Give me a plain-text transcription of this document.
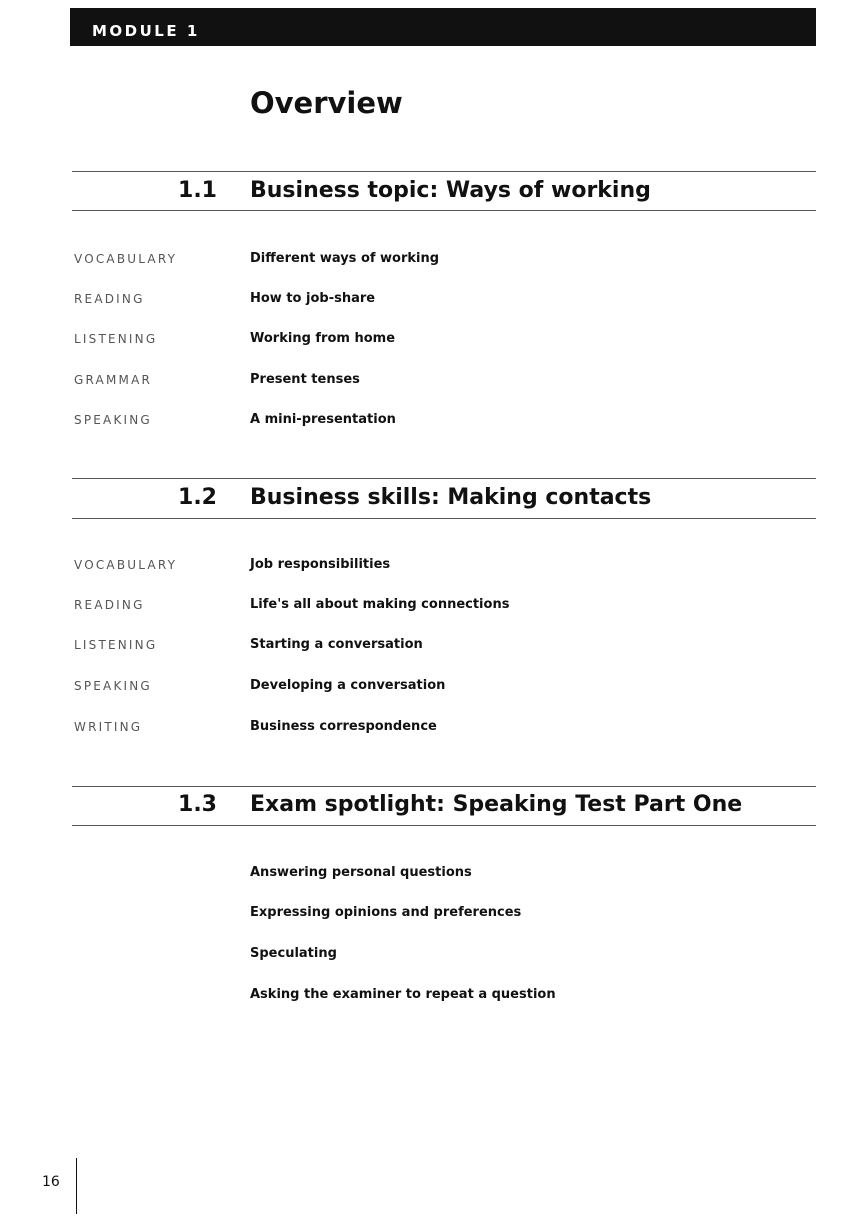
MODULE 1
Overview
1.1 Business topic: Ways of working
VOCABULARY	Different ways of working
READING	How to job-share
LISTENING	Working from home
GRAMMAR	Present tenses
SPEAKING	A mini-presentation
1.2 Business skills: Making contacts
VOCABULARY	Job responsibilities
READING	Life's all about making connections
LISTENING	Starting a conversation
SPEAKING	Developing a conversation
WRITING	Business correspondence
1.3 Exam spotlight: Speaking Test Part One
Answering personal questions
Expressing opinions and preferences
Speculating
Asking the examiner to repeat a question
16
